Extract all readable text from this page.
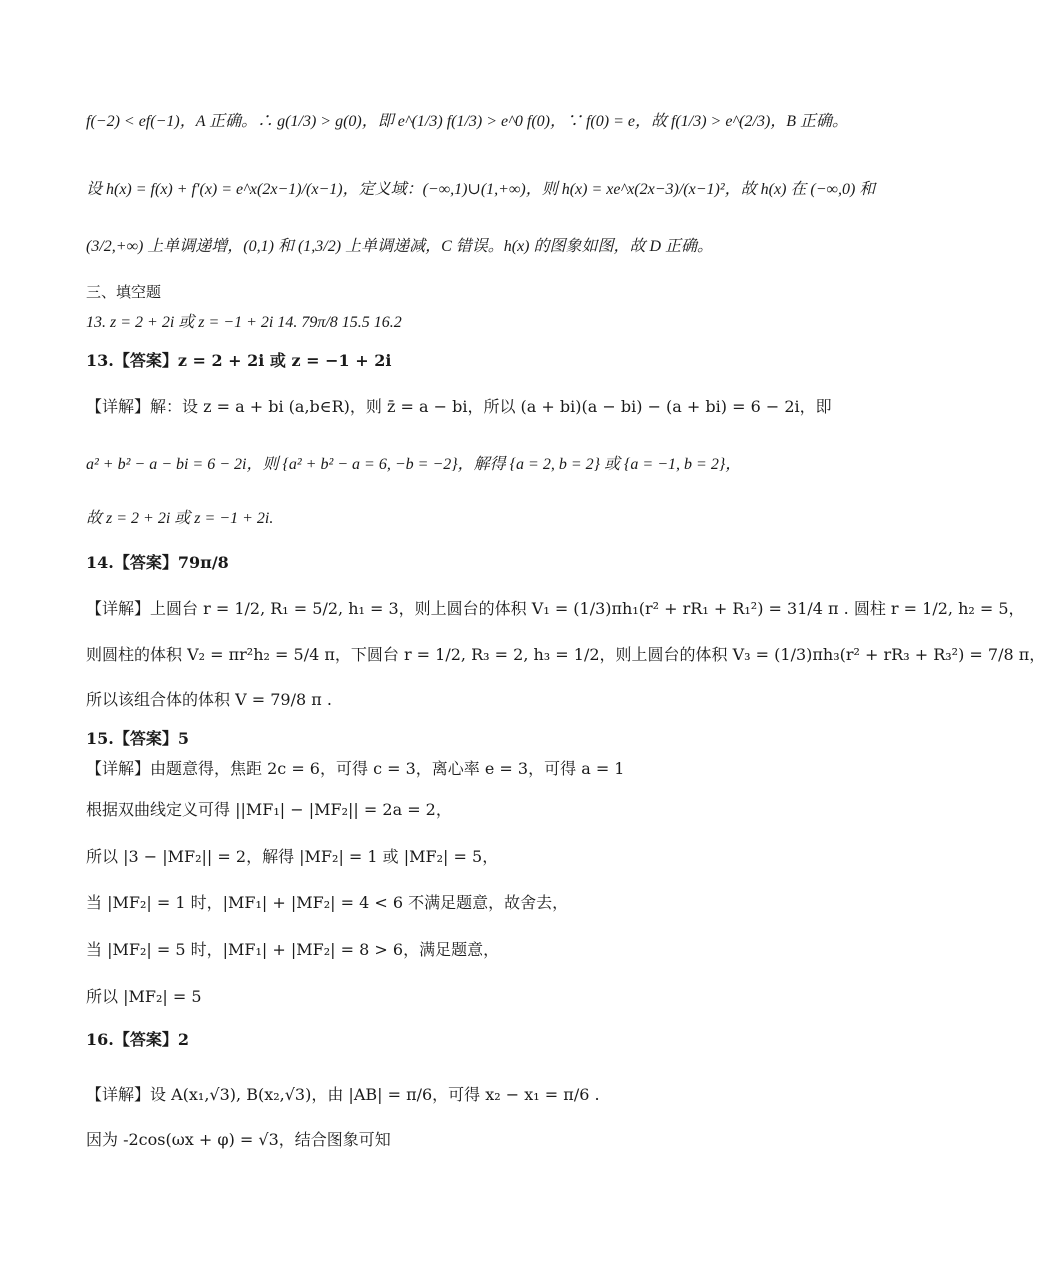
f(−2) < ef(−1)，A 正确。∴ g(1/3) > g(0)，即 e^(1/3) f(1/3) > e^0 f(0)，∵ f(0) = e，故 f(1/3) > e^(2/3)，B 正确。
设 h(x) = f(x) + f′(x) = e^x(2x−1)/(x−1)，定义域：(−∞,1)∪(1,+∞)，则 h(x) = xe^x(2x−3)/(x−1)²，故 h(x) 在 (−∞,0) 和
(3/2,+∞) 上单调递增，(0,1) 和 (1,3/2) 上单调递减，C 错误。h(x) 的图象如图，故 D 正确。
三、填空题
13. z = 2 + 2i 或 z = −1 + 2i 14. 79π/8 15.5 16.2
13.【答案】z = 2 + 2i 或 z = −1 + 2i
【详解】解：设 z = a + bi (a,b∈R)，则 z̄ = a − bi，所以 (a + bi)(a − bi) − (a + bi) = 6 − 2i，即
a² + b² − a − bi = 6 − 2i，则 {a² + b² − a = 6, −b = −2}，解得 {a = 2, b = 2} 或 {a = −1, b = 2}，
故 z = 2 + 2i 或 z = −1 + 2i.
14.【答案】79π/8
【详解】上圆台 r = 1/2, R₁ = 5/2, h₁ = 3，则上圆台的体积 V₁ = (1/3)πh₁(r² + rR₁ + R₁²) = 31/4 π . 圆柱 r = 1/2, h₂ = 5，
则圆柱的体积 V₂ = πr²h₂ = 5/4 π，下圆台 r = 1/2, R₃ = 2, h₃ = 1/2，则上圆台的体积 V₃ = (1/3)πh₃(r² + rR₃ + R₃²) = 7/8 π，
所以该组合体的体积 V = 79/8 π .
15.【答案】5
【详解】由题意得，焦距 2c = 6，可得 c = 3，离心率 e = 3，可得 a = 1
根据双曲线定义可得 ||MF₁| − |MF₂|| = 2a = 2，
所以 |3 − |MF₂|| = 2，解得 |MF₂| = 1 或 |MF₂| = 5，
当 |MF₂| = 1 时，|MF₁| + |MF₂| = 4 < 6 不满足题意，故舍去，
当 |MF₂| = 5 时，|MF₁| + |MF₂| = 8 > 6，满足题意，
所以 |MF₂| = 5
16.【答案】2
【详解】设 A(x₁,√3), B(x₂,√3)，由 |AB| = π/6，可得 x₂ − x₁ = π/6 .
因为 -2cos(ωx + φ) = √3，结合图象可知
